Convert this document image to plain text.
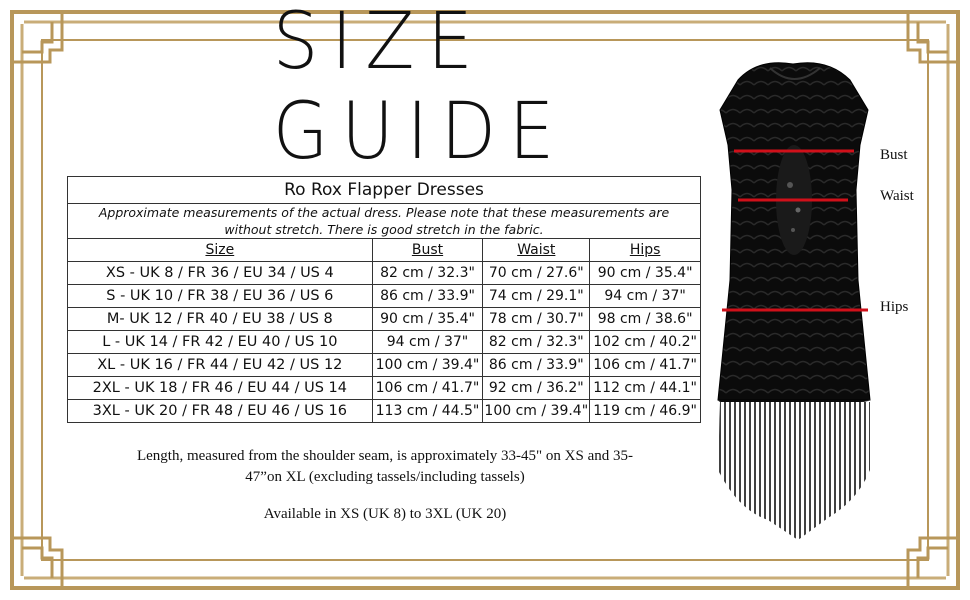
SIZE GUIDE
Ro Rox Flapper Dresses			
Approximate measurements of the actual dress. Please note that these measurements are without stretch. There is good stretch in the fabric.			
Size	Bust	Waist	Hips
XS - UK 8 / FR 36 / EU 34 / US 4	82 cm / 32.3"	70 cm / 27.6"	90 cm / 35.4"
S - UK 10 / FR 38 / EU 36 / US 6	86 cm / 33.9"	74 cm / 29.1"	94 cm / 37"
M- UK 12 / FR 40 / EU 38 / US 8	90 cm / 35.4"	78 cm / 30.7"	98 cm / 38.6"
L - UK 14 / FR 42 / EU 40 / US 10	94 cm / 37"	82 cm / 32.3"	102 cm / 40.2"
XL - UK 16 / FR 44 / EU 42 / US 12	100 cm / 39.4"	86 cm / 33.9"	106 cm / 41.7"
2XL - UK 18 / FR 46 / EU 44 / US 14	106 cm / 41.7"	92 cm / 36.2"	112 cm / 44.1"
3XL - UK 20 / FR 48 / EU 46 / US 16	113 cm / 44.5"	100 cm / 39.4"	119 cm / 46.9"
Length, measured from the shoulder seam, is approximately 33-45" on XS and 35-47”on XL (excluding tassels/including tassels)
Available in XS (UK 8) to 3XL (UK 20)
Bust
Waist
Hips
